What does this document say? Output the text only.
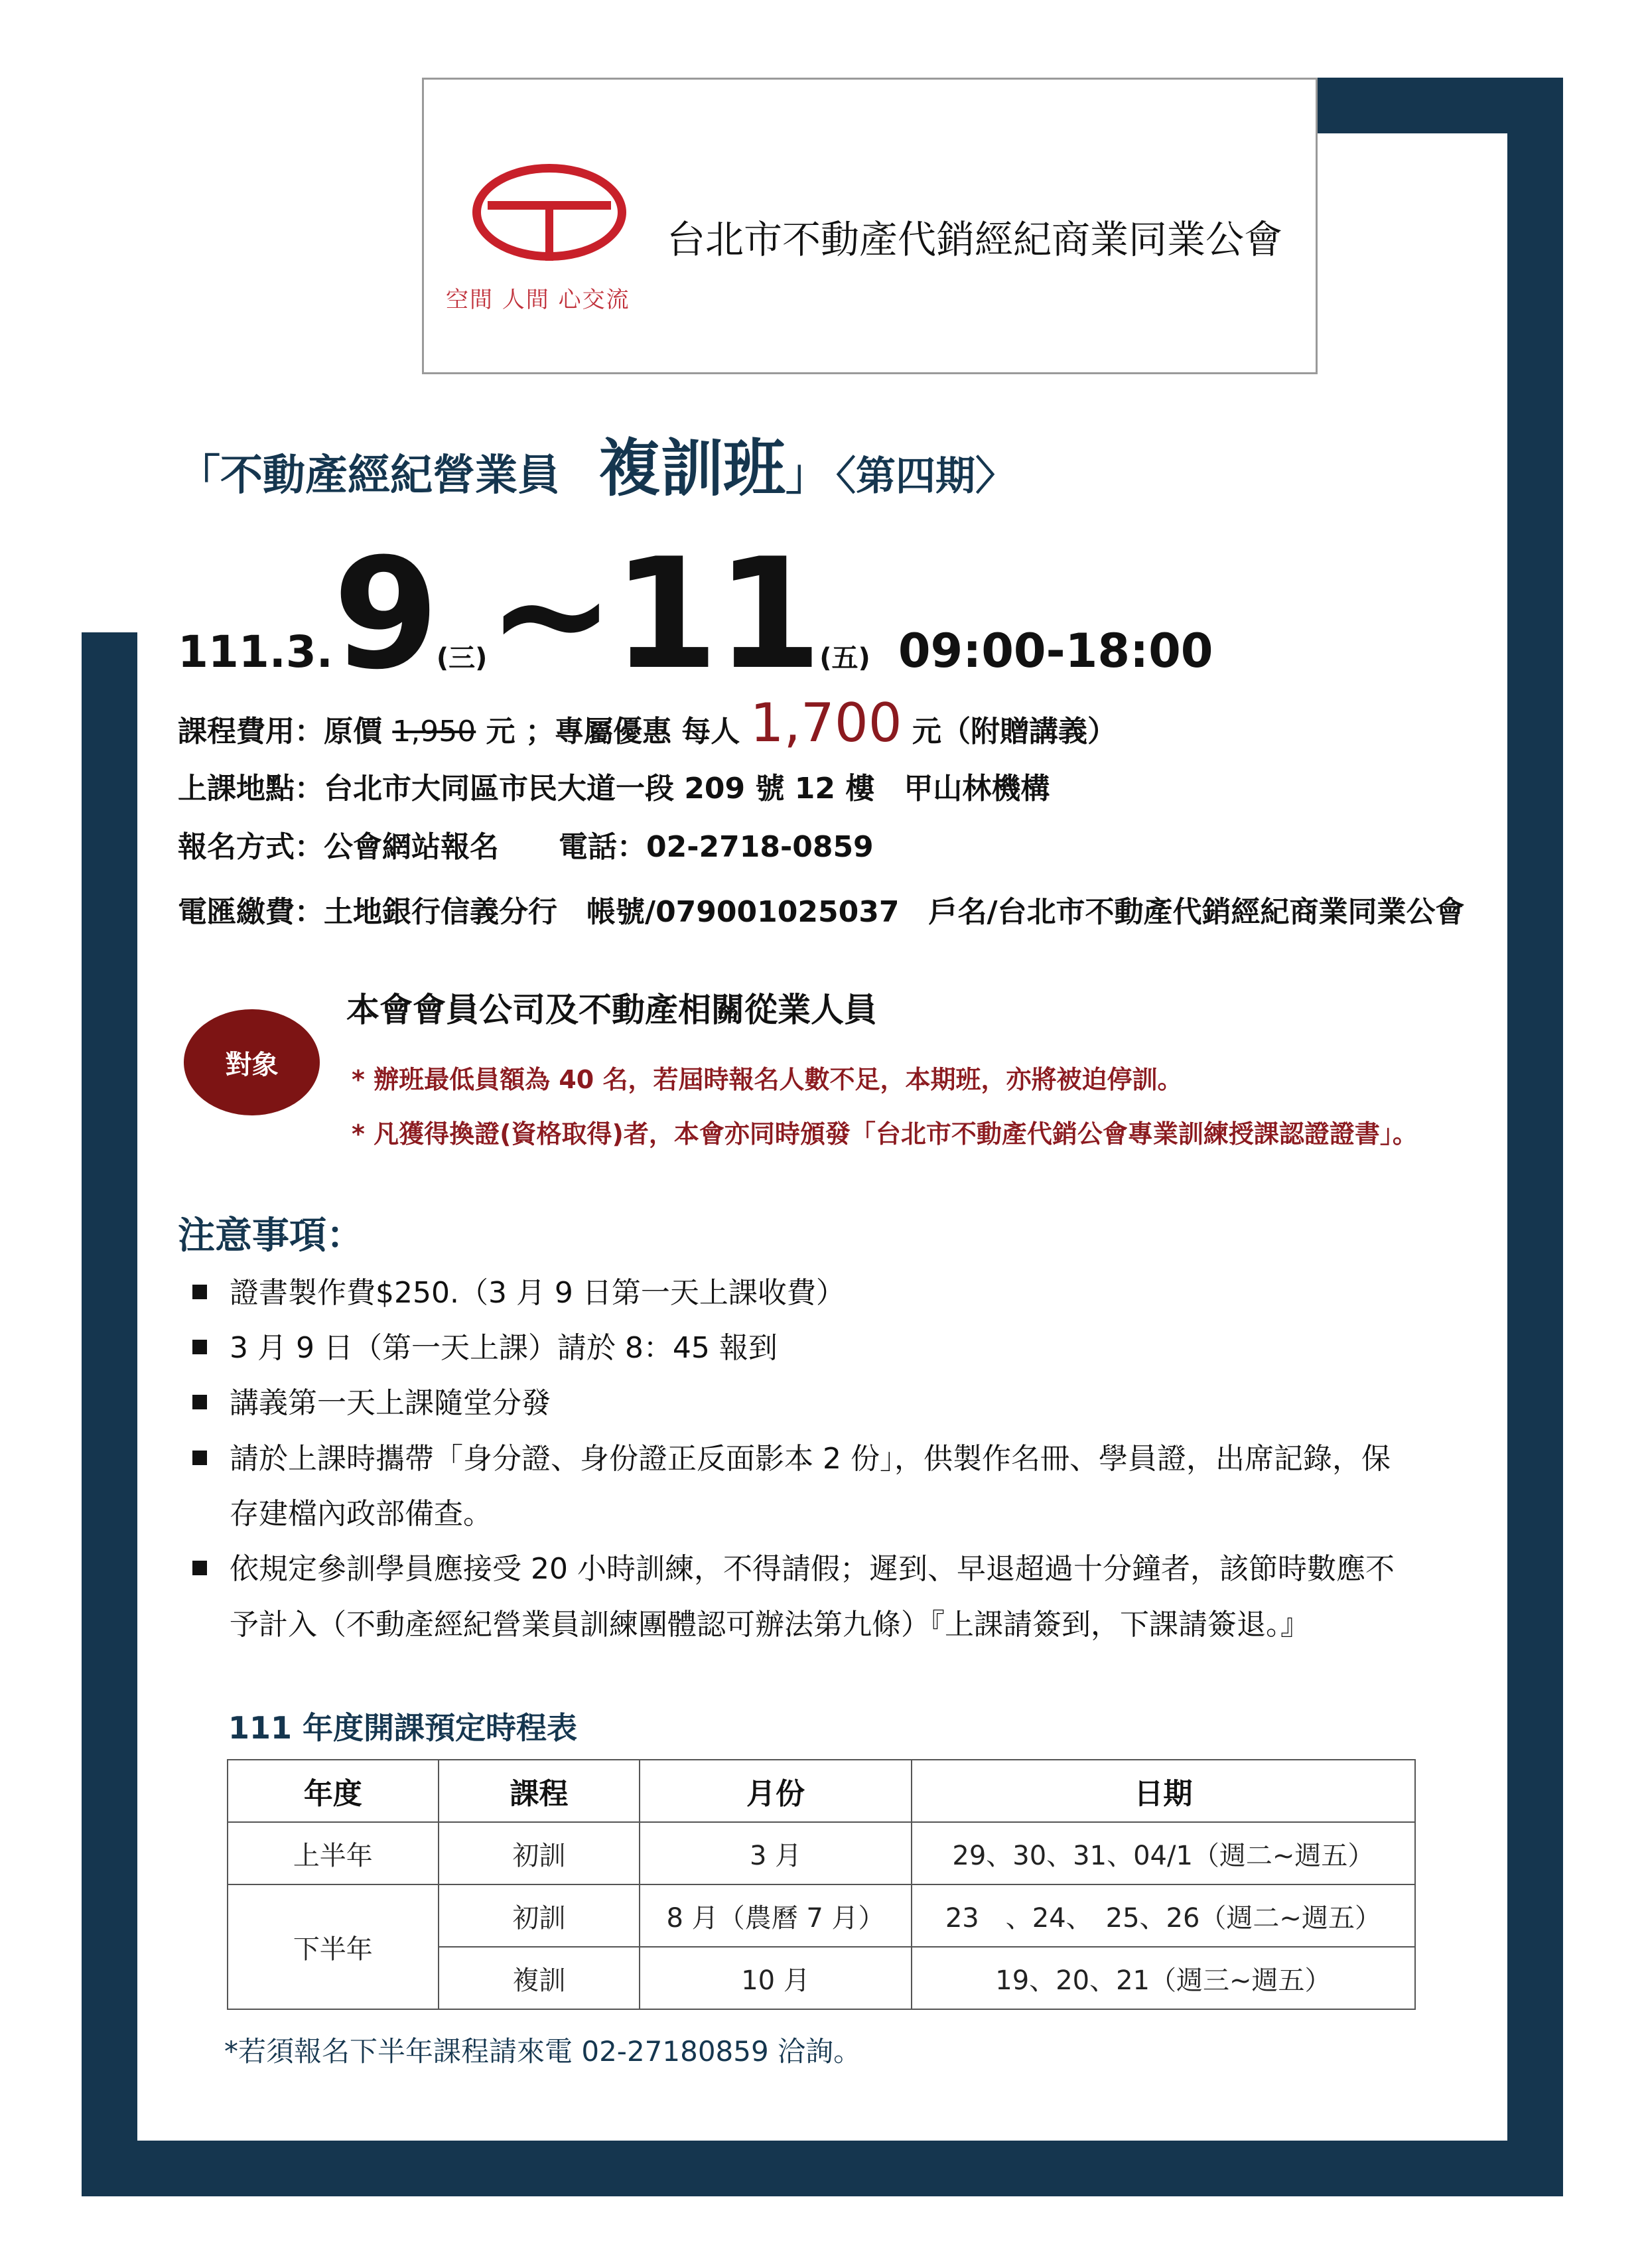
空間 人間 心交流
台北市不動產代銷經紀商業同業公會
「不動產經紀營業員 複訓班」 〈第四期〉
111.3.9(三)~11(五) 09:00-18:00
課程費用：原價 1,950 元 ；專屬優惠 每人 1,700 元（附贈講義）
上課地點：台北市大同區市民大道一段 209 號 12 樓　甲山林機構
報名方式：公會網站報名 電話：02-2718-0859
電匯繳費：土地銀行信義分行　帳號/079001025037　戶名/台北市不動產代銷經紀商業同業公會
對象
本會會員公司及不動產相關從業人員
* 辦班最低員額為 40 名，若屆時報名人數不足，本期班，亦將被迫停訓。
* 凡獲得換證(資格取得)者，本會亦同時頒發「台北市不動產代銷公會專業訓練授課認證證書」。
注意事項：
證書製作費$250.（3 月 9 日第一天上課收費）
3 月 9 日（第一天上課）請於 8：45 報到
講義第一天上課隨堂分發
請於上課時攜帶「身分證、身份證正反面影本 2 份」，供製作名冊、學員證，出席記錄，保
存建檔內政部備查。
依規定參訓學員應接受 20 小時訓練，不得請假；遲到、早退超過十分鐘者，該節時數應不
予計入（不動產經紀營業員訓練團體認可辦法第九條）『上課請簽到，下課請簽退。』
111 年度開課預定時程表
年度	課程	月份	日期
上半年	初訓	3 月	29、30、31、04/1（週二~週五）
下半年	初訓	8 月（農曆 7 月）	23　、24、　25、26（週二~週五）
	複訓	10 月	19、20、21（週三~週五）
*若須報名下半年課程請來電 02-27180859 洽詢。
